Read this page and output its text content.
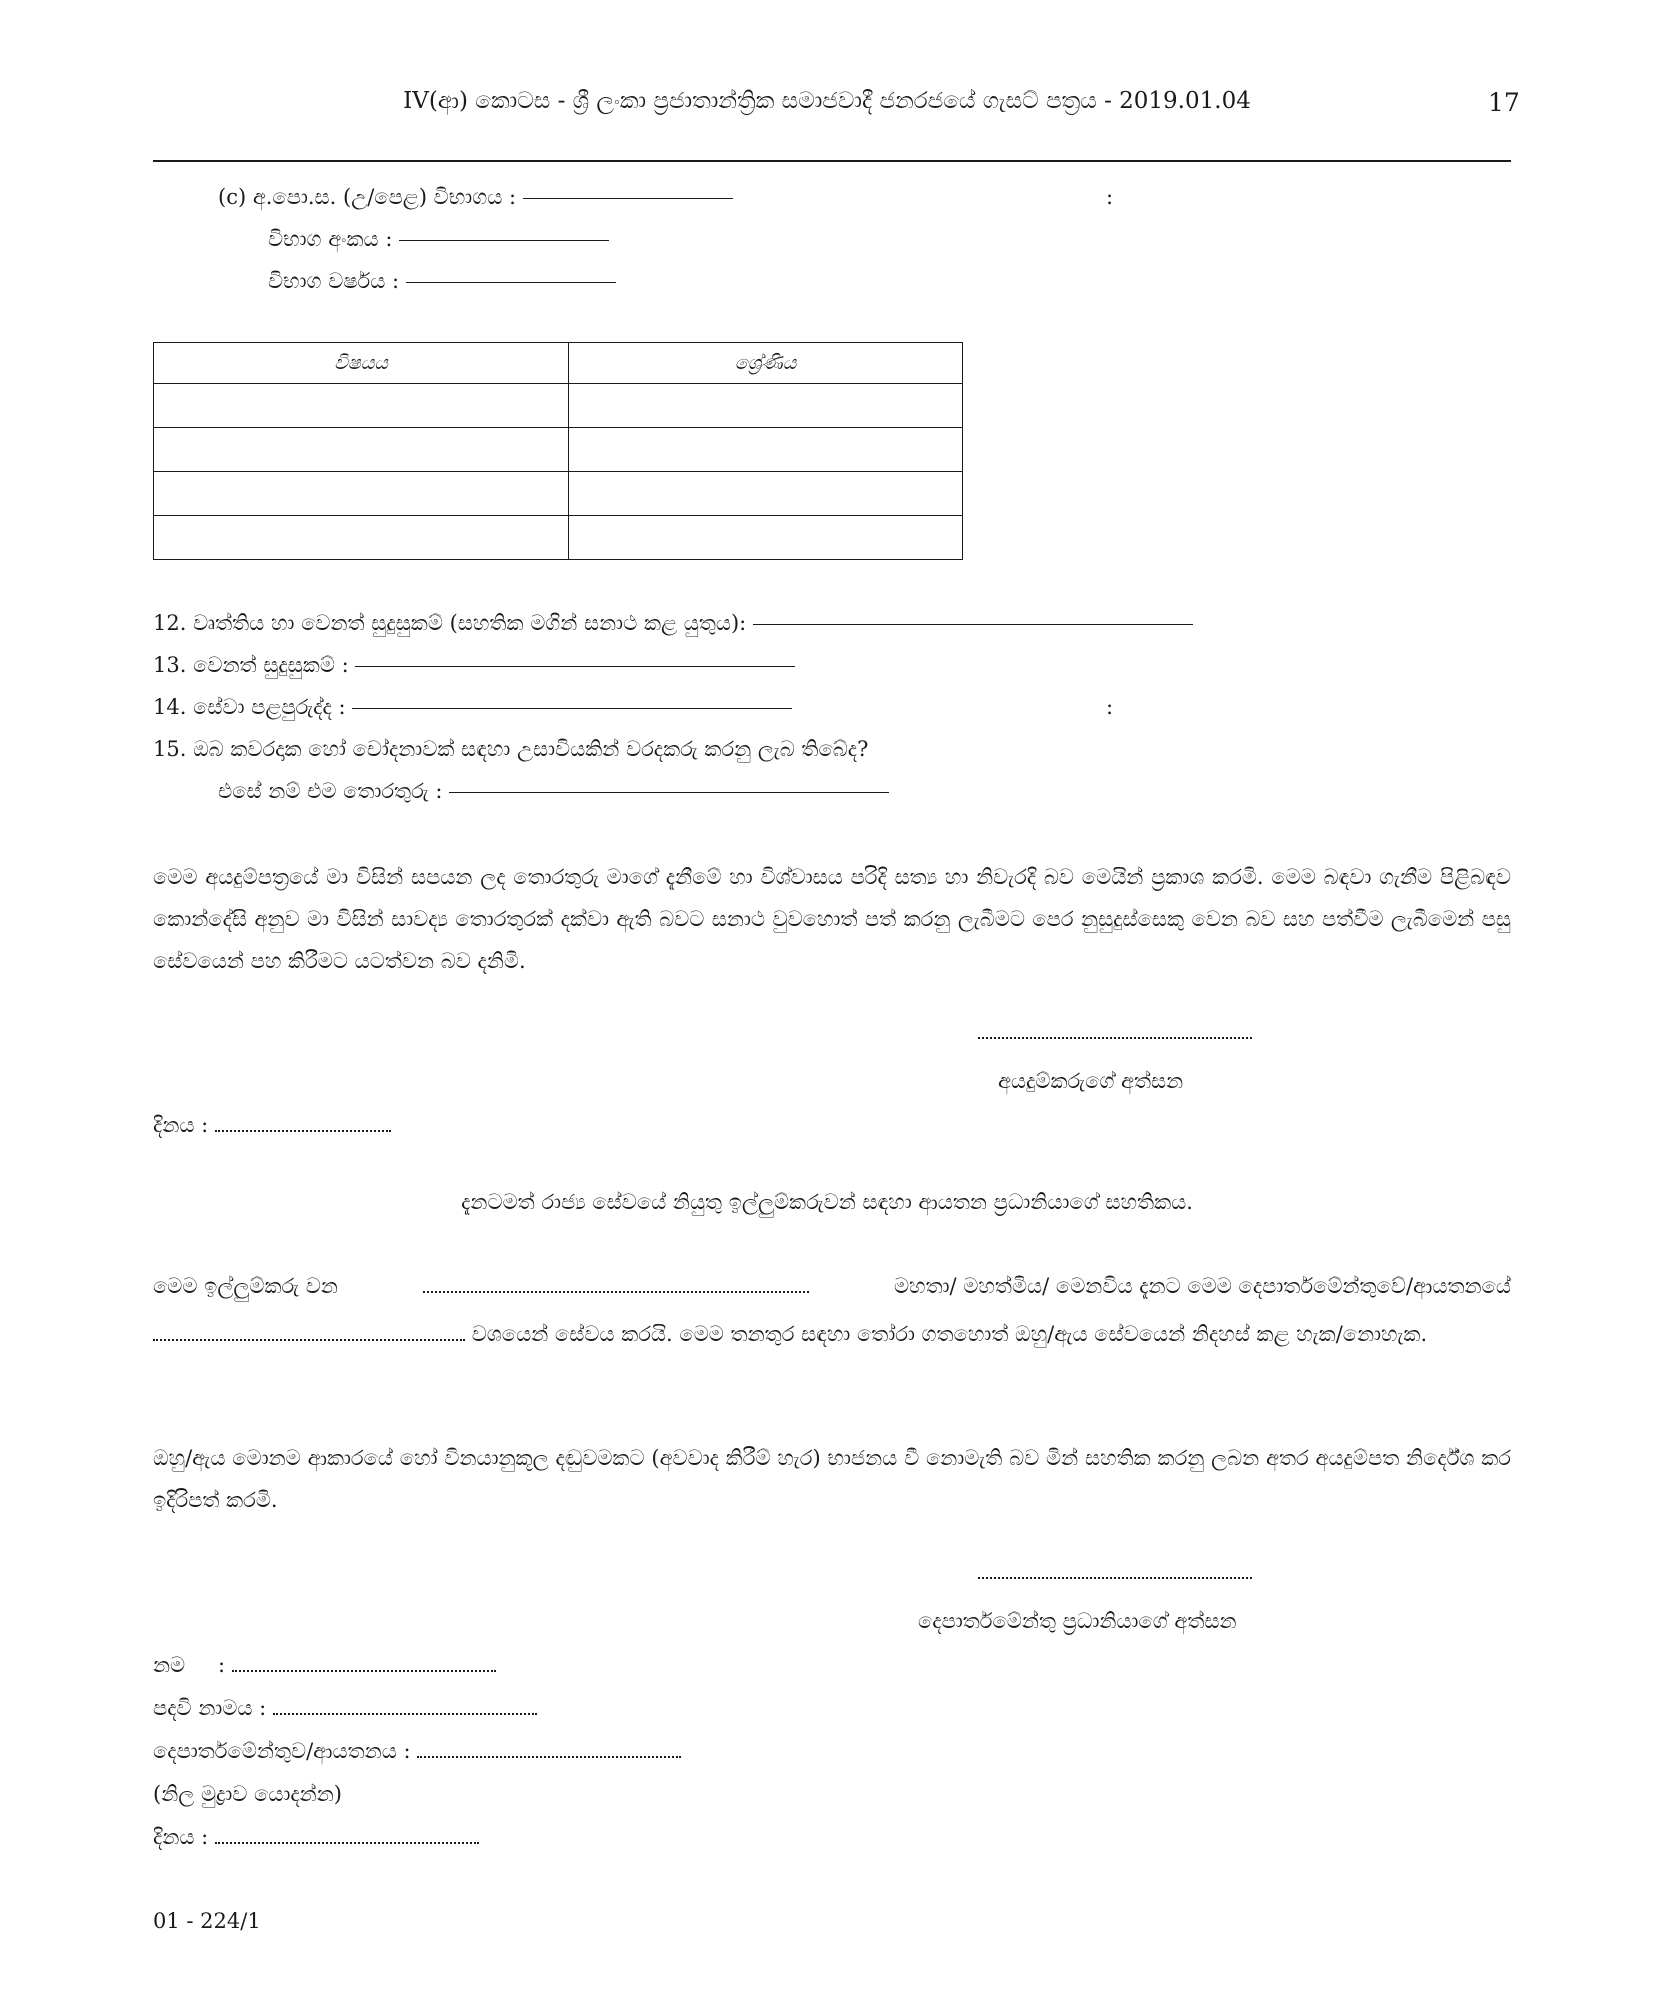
IV(ආ) කොටස - ශ්‍රී ලංකා ප්‍රජාතාන්ත්‍රික සමාජවාදී ජනරජයේ ගැසට් පත්‍රය - 2019.01.04	17
(c) අ.පො.ස. (උ/පෙළ) විභාගය :	:
විභාග අංකය :
විභාග වර්ෂය :
විෂයය	ශ්‍රේණිය

12. වෘත්තිය හා වෙනත් සුදුසුකම් (සහතික මගින් සනාථ කළ යුතුය):
13. වෙනත් සුදුසුකම් :
14. සේවා පළපුරුද්ද :	:
15. ඔබ කවරදාක හෝ චෝදනාවක් සඳහා උසාවියකින් වරදකරු කරනු ලැබ තිබේද?
එසේ නම් එම තොරතුරු :
මෙම අයදුම්පත්‍රයේ මා විසින් සපයන ලද තොරතුරු මාගේ දැනීමේ හා විශ්වාසය පරිදි සත්‍ය හා නිවැරදි බව මෙයින් ප්‍රකාශ කරමි. මෙම බඳවා ගැනීම පිළිබඳව කොන්දේසි අනුව මා විසින් සාවද්‍ය තොරතුරක් දක්වා ඇති බවට සනාථ වුවහොත් පත් කරනු ලැබීමට පෙර නුසුදුස්සෙකු වෙන බව සහ පත්වීම ලැබීමෙන් පසු සේවයෙන් පහ කිරීමට යටත්වන බව දනිමි.
අයදුම්කරුගේ අත්සන
දිනය :
දැනටමත් රාජ්‍ය සේවයේ නියුතු ඉල්ලුම්කරුවන් සඳහා ආයතන ප්‍රධානියාගේ සහතිකය.
මෙම ඉල්ලුම්කරු වන	මහතා/ මහත්මිය/ මෙනවිය දැනට මෙම දෙපාර්තමේන්තුවේ/ආයතනයේ
වශයෙන් සේවය කරයි. මෙම තනතුර සඳහා තෝරා ගතහොත් ඔහු/ඇය සේවයෙන් නිදහස් කළ හැක/නොහැක.
ඔහු/ඇය මොනම ආකාරයේ හෝ විනයානුකූල දඬුවමකට (අවවාද කිරීම් හැර) භාජනය වී නොමැති බව මින් සහතික කරනු ලබන අතර අයදුම්පත නිර්දේශ කර ඉදිරිපත් කරමි.
දෙපාර්තමේන්තු ප්‍රධානියාගේ අත්සන
නම :
පදවි නාමය :
දෙපාර්තමේන්තුව/ආයතනය :
(නිල මුද්‍රාව යොදන්න)
දිනය :
01 - 224/1
